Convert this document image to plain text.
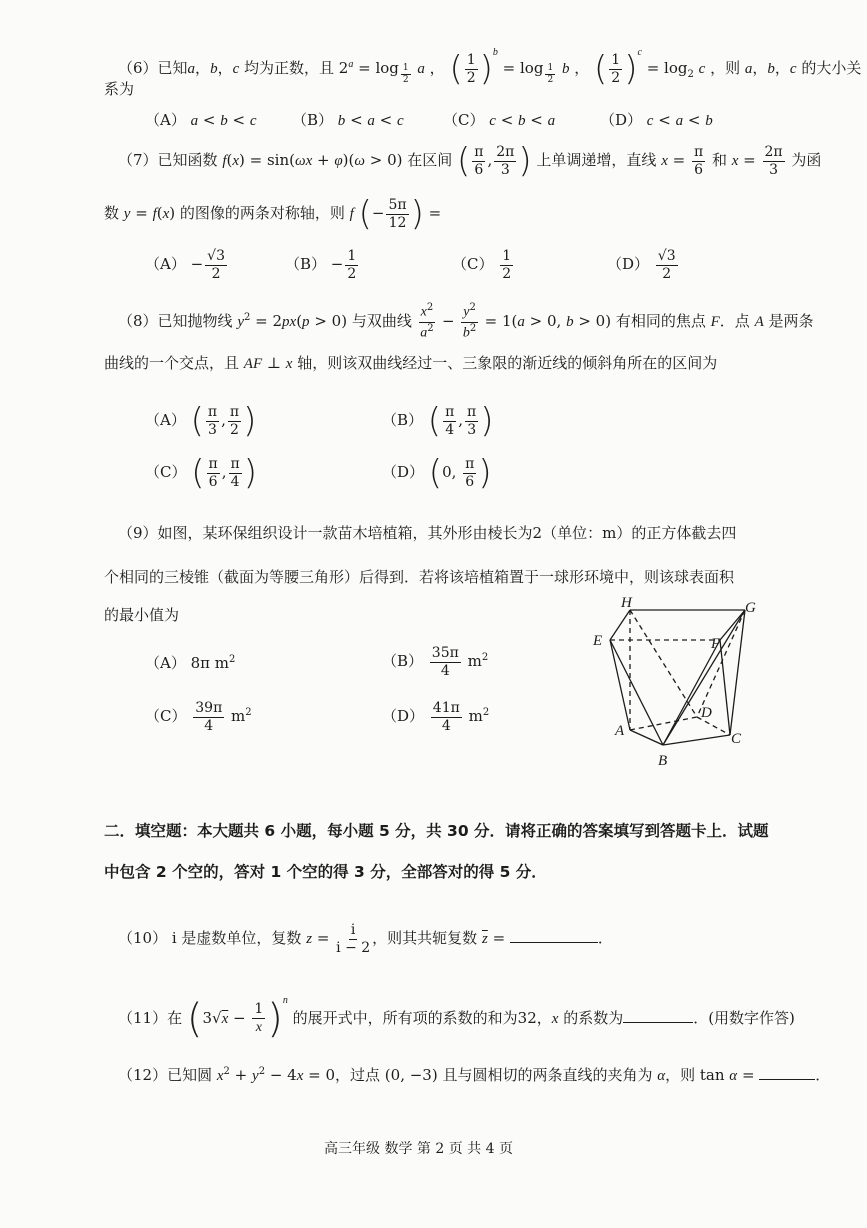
（6）已知a，b，c 均为正数，且 $2^a = \log _{\frac{1}{2}}$ a ， ( $\frac{1}{2} )^b = \log _{\frac{1}{2}}$ b ， ( $\frac{1}{2} )^c = \log_2 c$ ，则 a，b，c 的大小关
系为
（A） a < b < c （B） b < a < c	（C） c < b < a	（D） c < a < b
（7）已知函数 f(x) = sin(ωx + φ)(ω > 0) 在区间 ( $\frac{\pi}{6}$ , $\frac{2\pi}{3}$ ) 上单调递增，直线 $x = \frac{\pi}{6}$ 和 $x = \frac{2\pi}{3}$ 为函
数 y = f(x) 的图像的两条对称轴，则 f (− $\frac{5\pi}{12}$ ) =
$(A) - \frac{√3}{2}$	$(B) - \frac{1}{2}$	$(C) \frac{1}{2}$	$(D) \frac{√3}{2}$
（8）已知抛物线 $y^2 = 2px(p > 0)$ 与双曲线 $\frac{x^2}{a^2} - \frac{y^2}{b^2} = 1(a > 0$, b > 0) 有相同的焦点 F．点 A 是两条
曲线的一个交点，且 AF ⊥ x 轴，则该双曲线经过一、三象限的渐近线的倾斜角所在的区间为
（A） ( $\frac{\pi}{3}$ , $\frac{\pi}{2}$ )	（B） ( $\frac{\pi}{4}$ , $\frac{\pi}{3}$ )
（C） ( $\frac{\pi}{6}$ , $\frac{\pi}{4}$ )	（D） (0, $\frac{\pi}{6}$ )
（9）如图，某环保组织设计一款苗木培植箱，其外形由棱长为2（单位：m）的正方体截去四
个相同的三棱锥（截面为等腰三角形）后得到．若将该培植箱置于一球形环境中，则该球表面积
的最小值为
（A） 8π $m^2$	$(B) \frac{35\pi}{4} m^2$
$(C) \frac{39\pi}{4} m^2$	$(D) \frac{41\pi}{4} m^2$
H	G
E	F
D
A
B
C
二．填空题：本大题共 6 小题，每小题 5 分，共 30 分．请将正确的答案填写到答题卡上．试题
中包含 2 个空的，答对 1 个空的得 3 分，全部答对的得 5 分．
（10） i 是虚数单位，复数 $z = \frac{i}{i - 2}$ ，则其共轭复数 $\overline{z}$ =	．
（11）在 $(3√x - \frac{1}{x} )^n$ 的展开式中，所有项的系数的和为32，x 的系数为	．(用数字作答)
（12）已知圆 $x^2 + y^2 - 4x = 0$，过点 (0, −3) 且与圆相切的两条直线的夹角为 α，则 tan α =	．
高三年级 数学 第 2 页 共 4 页
